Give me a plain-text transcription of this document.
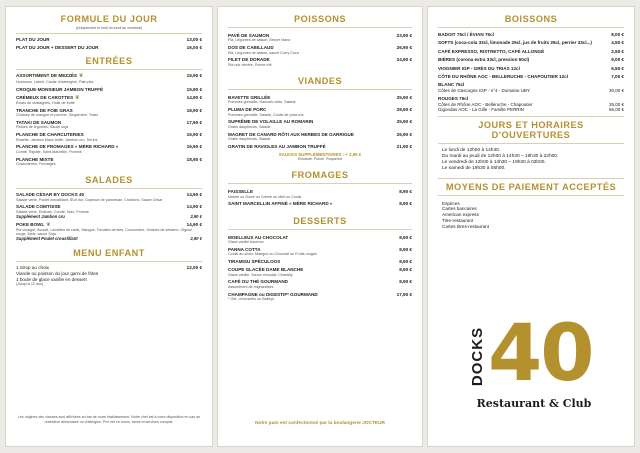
FORMULE DU JOUR
(Uniquement le midi du lundi au vendredi)
PLAT DU JOUR	13,00 €
PLAT DU JOUR + DESSERT DU JOUR	16,00 €
ENTRÉES
ASSORTIMENT DE MEZZÉS ❦	15,90 €
Houmous, Labné, Caviar d'aubergine, Pain pita
CROQUE-MONSIEUR JAMBON TRUFFÉ	15,90 €
CRÉMEUX DE CAROTTES ❦	14,90 €
Éclats de châtaignes, Huile de truffe
TRANCHE DE FOIE GRAS	18,90 €
Chutney de mangue et pomme, Gingembre, Toast
TATAKI DE SAUMON	17,90 €
Pickles de légumes, Sauce soja
PLANCHE DE CHARCUTERIES	16,90 €
Rosette, Jambon blanc truffé, Jambon cru, Terrine
PLANCHE DE FROMAGES « MÈRE RICHARD »	16,90 €
Comté, Rigotte, Saint-Marcellin, Pommé
PLANCHE MIXTE	18,90 €
Charcuteries, Fromages
SALADES
SALADE CÉSAR BY DOCKS 40	14,90 €
Salade verte, Poulet croustillant, Œuf dur, Copeaux de parmesan, Croûtons, Sauce César
SALADE COMTOISE	14,90 €
Salade verte, Endives, Comté, Noix, Pomme
Supplément Jambon cru	2,90 €
POKE BOWL ❦	14,90 €
Riz vinaigré, Avocat, Lamelles de radis, Mangue, Tomates cerises, Concombre, Graines de sésame, Oignon rouge, Maïs, sauce Soja
Supplément Poulet croustillant	2,90 €
MENU ENFANT
1 Sirop au choix
Viande ou poisson du jour garni de frites
1 boule de glace vanille en dessert
(Jusqu'à 12 ans)
12,00 €
Les origines des viandes sont affichées au bar de notre établissement. Notre chef est à votre disposition en cas de restriction alimentaire ou d'allergies. Prix net en euros, taxes et services compris.
POISSONS
PAVÉ DE SAUMON	23,90 €
Riz, Légumes de saison, Beurre blanc
DOS DE CABILLAUD	26,90 €
Riz, Légumes de saison, sauce Curry Coco
FILET DE DORADE	24,90 €
Riz noir vénéré, Poivre rôti
VIANDES
BAVETTE GRILLÉE	25,90 €
Pommes grenaille, Haricots verts, Salade
PLUMA DE PORC	28,90 €
Pommes grenaille, Salade, Coulis de poivrons
SUPRÊME DE VOLAILLE AU ROMARIN	25,90 €
Gratin dauphinois, Salade
MAGRET DE CANARD RÔTI AUX HERBES DE GARRIGUE	26,90 €
Gratin dauphinois, Salade
GRATIN DE RAVIOLES AU JAMBON TRUFFÉ	21,90 €
SAUCES SUPPLÉMENTAIRES : + 2,90 €
Échalote, Poivre, Roquefort
FROMAGES
FAISSELLE	8,90 €
Nature ou Sucre ou Crème ou Miel ou Coulis
SAINT MARCELLIN AFFINÉ « MÈRE RICHARD »	8,90 €
DESSERTS
MOELLEUX AU CHOCOLAT	8,90 €
Glace vanille bourbon
PANNA COTTA	8,90 €
Coulis au choix: Mangue ou Chocolat ou Fruits rouges
TIRAMISU SPÉCULOOS	8,90 €
COUPE GLACÉE DAME BLANCHE	8,90 €
Glace vanille, Sauce chocolat, Chantilly
CAFÉ OU THÉ GOURMAND	8,90 €
Assortiment de mignardises
CHAMPAGNE ou DIGESTIF* GOURMAND	17,90 €
* Get, Limoncello ou Baileys
Notre pain est confectionné par la boulangerie JOCTEUR
BOISSONS
BADOIT 75cl / ÉVIAN 75cl	8,00 €
SOFTS (coca-cola 33cl, limonade 25cl, jus de fruits 25cl, perrier 33cl...)	4,50 €
CAFÉ EXPRESSO, RISTRETTO, CAFÉ ALLONGÉ	2,50 €
BIÈRES (corona extra 33cl, pression 50cl)	9,00 €
VIOGNIER IGP - GRÈS DU TRIAS 12cl	6,50 €
CÔTE DU RHÔNE AOC - BELLERUCHE - CHAPOUTIER 12cl	7,00 €
BLANC 75cl
Côtes de Gascogne IGP - n°4 - Domaine UBY	30,00 €
ROUGES 75cl
Côtes de Rhône AOC - Belleruche - Chapoutier	35,00 €
Gigondas AOC - La Gille - Famille PERRIN	56,00 €
JOURS ET HORAIRES D'OUVERTURES
Le lundi de 12h00 à 14h30.
Du mardi au jeudi de 12h00 à 14h30 – 19h30 à 22h00.
Le vendredi de 12h00 à 14h30 – 19h30 à 03h00.
Le samedi de 19h30 à 05h00.
MOYENS DE PAIEMENT ACCEPTÉS
Espèces
Cartes bancaires
American express
Titre-restaurant
Cartes titres-restaurant
DOCKS 40
Restaurant & Club
